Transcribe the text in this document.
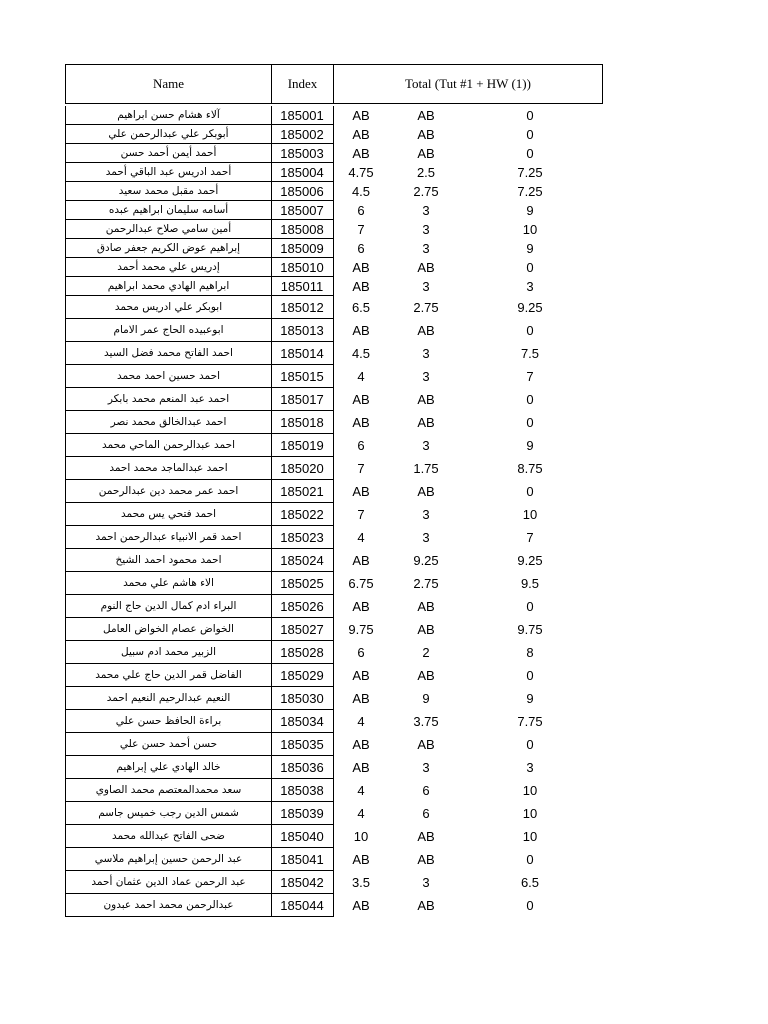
Name	Index	Total (Tut #1 + HW (1))
آلاء هشام حسن ابراهيم	185001	AB	AB	0
أبوبكر علي عبدالرحمن علي	185002	AB	AB	0
أحمد أيمن أحمد حسن	185003	AB	AB	0
أحمد ادريس عبد الباقي أحمد	185004	4.75	2.5	7.25
أحمد مقبل محمد سعيد	185006	4.5	2.75	7.25
أسامه سليمان ابراهيم عبده	185007	6	3	9
أمين سامي صلاح عبدالرحمن	185008	7	3	10
إبراهيم عوض الكريم جعفر صادق	185009	6	3	9
إدريس علي محمد أحمد	185010	AB	AB	0
ابراهيم الهادي محمد ابراهيم	185011	AB	3	3
ابوبكر علي ادريس محمد	185012	6.5	2.75	9.25
ابوعبيده الحاج عمر الامام	185013	AB	AB	0
احمد الفاتح محمد فضل السيد	185014	4.5	3	7.5
احمد حسين احمد محمد	185015	4	3	7
احمد عبد المنعم محمد بابكر	185017	AB	AB	0
احمد عبدالخالق محمد نصر	185018	AB	AB	0
احمد عبدالرحمن الماحي محمد	185019	6	3	9
احمد عبدالماجد محمد احمد	185020	7	1.75	8.75
احمد عمر محمد دين عبدالرحمن	185021	AB	AB	0
احمد فتحي يس محمد	185022	7	3	10
احمد قمر الانبياء عبدالرحمن احمد	185023	4	3	7
احمد محمود احمد الشيخ	185024	AB	9.25	9.25
الاء هاشم علي محمد	185025	6.75	2.75	9.5
البراء ادم كمال الدين حاج النوم	185026	AB	AB	0
الخواض عصام الخواض العامل	185027	9.75	AB	9.75
الزبير محمد ادم سبيل	185028	6	2	8
الفاضل قمر الدين حاج علي محمد	185029	AB	AB	0
النعيم عبدالرحيم النعيم احمد	185030	AB	9	9
براءة الحافظ حسن علي	185034	4	3.75	7.75
حسن أحمد حسن علي	185035	AB	AB	0
خالد الهادي علي إبراهيم	185036	AB	3	3
سعد محمدالمعتصم محمد الصاوي	185038	4	6	10
شمس الدين رجب خميس جاسم	185039	4	6	10
ضحى الفاتح عبدالله محمد	185040	10	AB	10
عبد الرحمن حسين إبراهيم ملاسي	185041	AB	AB	0
عبد الرحمن عماد الدين عثمان أحمد	185042	3.5	3	6.5
عبدالرحمن محمد احمد عبدون	185044	AB	AB	0
